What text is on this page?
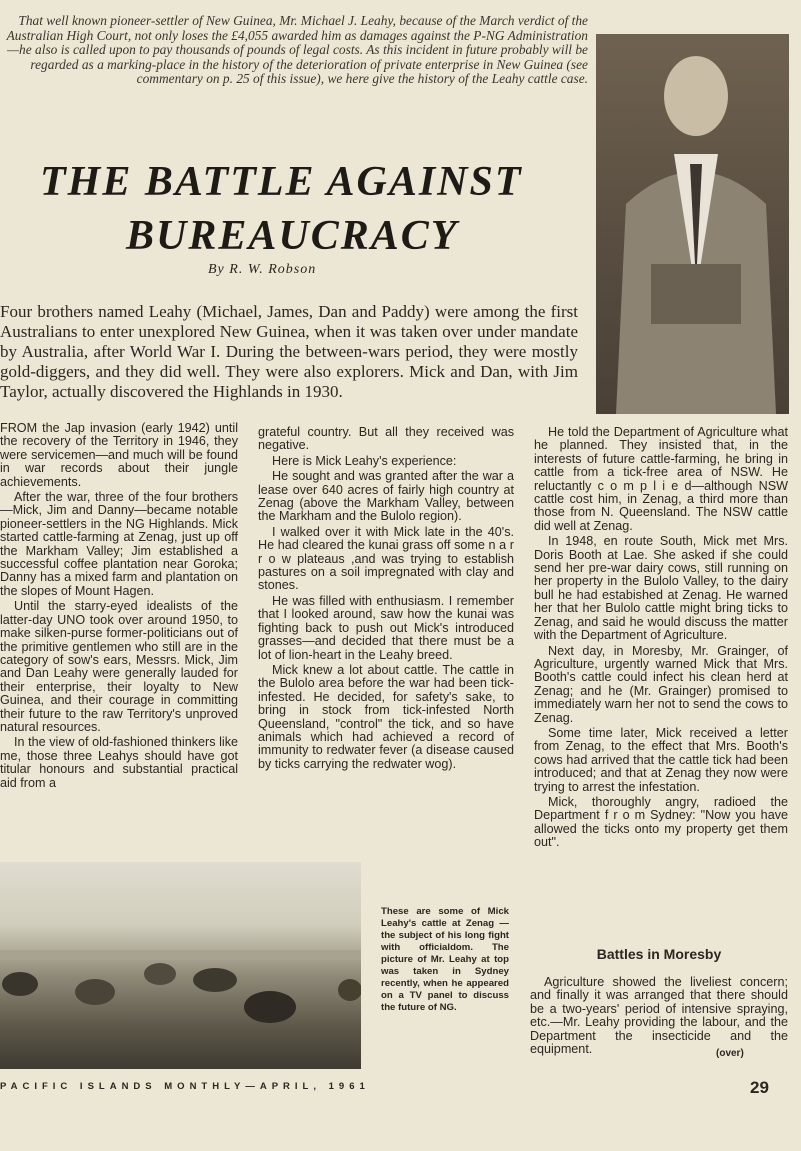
That well known pioneer-settler of New Guinea, Mr. Michael J. Leahy, because of the March verdict of the Australian High Court, not only loses the £4,055 awarded him as damages against the P-NG Administration—he also is called upon to pay thousands of pounds of legal costs. As this incident in future probably will be regarded as a marking-place in the history of the deterioration of private enterprise in New Guinea (see commentary on p. 25 of this issue), we here give the history of the Leahy cattle case.

THE BATTLE AGAINST
BUREAUCRACY
By R. W. Robson

Four brothers named Leahy (Michael, James, Dan and Paddy) were among the first Australians to enter unexplored New Guinea, when it was taken over under mandate by Australia, after World War I. During the between-wars period, they were mostly gold-diggers, and they did well. They were also explorers. Mick and Dan, with Jim Taylor, actually discovered the Highlands in 1930.

FROM the Jap invasion (early 1942) until the recovery of the Territory in 1946, they were servicemen—and much will be found in war records about their jungle achievements.

After the war, three of the four brothers—Mick, Jim and Danny—became notable pioneer-settlers in the NG Highlands. Mick started cattle-farming at Zenag, just up off the Markham Valley; Jim established a successful coffee plantation near Goroka; Danny has a mixed farm and plantation on the slopes of Mount Hagen.

Until the starry-eyed idealists of the latter-day UNO took over around 1950, to make silken-purse former-politicians out of the primitive gentlemen who still are in the category of sow's ears, Messrs. Mick, Jim and Dan Leahy were generally lauded for their enterprise, their loyalty to New Guinea, and their courage in committing their future to the raw Territory's unproved natural resources.

In the view of old-fashioned thinkers like me, those three Leahys should have got titular honours and substantial practical aid from a

grateful country. But all they received was negative.

Here is Mick Leahy's experience:

He sought and was granted after the war a lease over 640 acres of fairly high country at Zenag (above the Markham Valley, between the Markham and the Bulolo region).

I walked over it with Mick late in the 40's. He had cleared the kunai grass off some n a r r o w plateaus ,and was trying to establish pastures on a soil impregnated with clay and stones.

He was filled with enthusiasm. I remember that I looked around, saw how the kunai was fighting back to push out Mick's introduced grasses—and decided that there must be a lot of lion-heart in the Leahy breed.

Mick knew a lot about cattle. The cattle in the Bulolo area before the war had been tick-infested. He decided, for safety's sake, to bring in stock from tick-infested North Queensland, "control" the tick, and so have animals which had achieved a record of immunity to redwater fever (a disease caused by ticks carrying the redwater wog).

He told the Department of Agriculture what he planned. They insisted that, in the interests of future cattle-farming, he bring in cattle from a tick-free area of NSW. He reluctantly c o m p l i e d—although NSW cattle cost him, in Zenag, a third more than those from N. Queensland. The NSW cattle did well at Zenag.

In 1948, en route South, Mick met Mrs. Doris Booth at Lae. She asked if she could send her pre-war dairy cows, still running on her property in the Bulolo Valley, to the dairy bull he had estabished at Zenag. He warned her that her Bulolo cattle might bring ticks to Zenag, and said he would discuss the matter with the Department of Agriculture.

Next day, in Moresby, Mr. Grainger, of Agriculture, urgently warned Mick that Mrs. Booth's cattle could infect his clean herd at Zenag; and he (Mr. Grainger) promised to immediately warn her not to send the cows to Zenag.

Some time later, Mick received a letter from Zenag, to the effect that Mrs. Booth's cows had arrived that the cattle tick had been introduced; and that at Zenag they now were trying to arrest the infestation.

Mick, thoroughly angry, radioed the Department f r o m Sydney: "Now you have allowed the ticks onto my property get them out".

Battles in Moresby

Agriculture showed the liveliest concern; and finally it was arranged that there should be a two-years' period of intensive spraying, etc.—Mr. Leahy providing the labour, and the Department the insecticide and the equipment.	(over)

These are some of Mick Leahy's cattle at Zenag — the subject of his long fight with officialdom. The picture of Mr. Leahy at top was taken in Sydney recently, when he appeared on a TV panel to discuss the future of NG.

PACIFIC ISLANDS MONTHLY—APRIL, 1961	29
